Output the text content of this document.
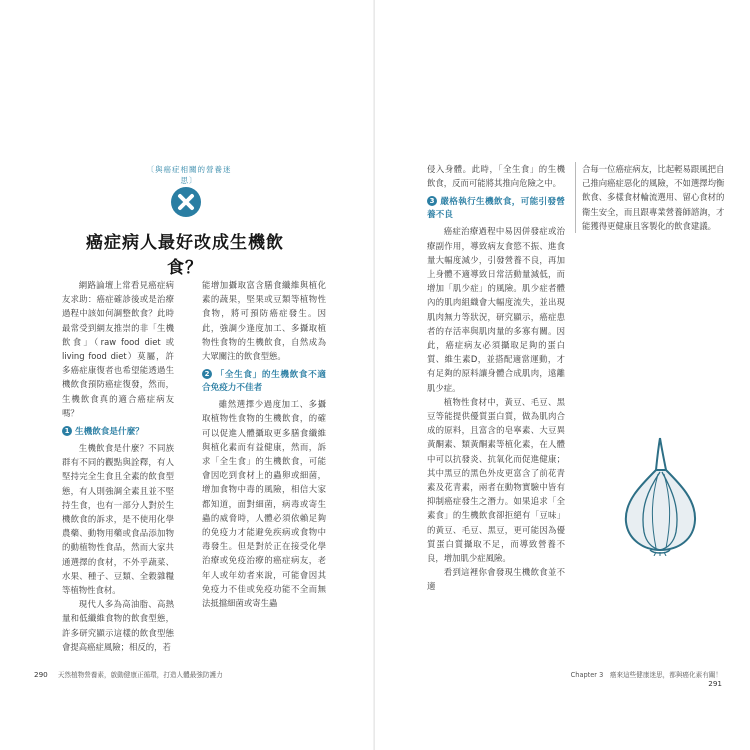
〔與癌症相關的營養迷思〕
癌症病人最好改成生機飲食？

網路論壇上常看見癌症病友求助：癌症確診後或是治療過程中該如何調整飲食？此時最常受到網友推崇的非「生機飲食」（raw food diet 或 living food diet）莫屬，許多癌症康復者也希望能透過生機飲食預防癌症復發，然而，生機飲食真的適合癌症病友嗎？

1 生機飲食是什麼？

生機飲食是什麼？不同族群有不同的觀點與詮釋，有人堅持完全生食且全素的飲食型態，有人則強調全素且並不堅持生食，也有一部分人對於生機飲食的訴求，是不使用化學農藥、動物用藥或食品添加物的動植物性食品，然而大家共通選擇的食材，不外乎蔬菜、水果、種子、豆類、全穀雜糧等植物性食材。

現代人多為高油脂、高熱量和低纖維食物的飲食型態，許多研究顯示這樣的飲食型態會提高癌症風險；相反的，若

能增加攝取富含膳食纖維與植化素的蔬果，堅果或豆類等植物性食物，將可預防癌症發生。因此，強調少逢度加工、多攝取植物性食物的生機飲食，自然成為大眾關注的飲食型態。

2 「全生食」的生機飲食不適合免疫力不佳者

雖然選擇少過度加工、多攝取植物性食物的生機飲食，的確可以促進人體攝取更多膳食纖維與植化素而有益健康，然而，訴求「全生食」的生機飲食，可能會因吃到食材上的蟲卵或細菌，增加食物中毒的風險，相信大家都知道，面對細菌，病毒或寄生蟲的威脅時，人體必須依賴足夠的免疫力才能避免疾病或食物中毒發生。但是對於正在接受化學治療或免疫治療的癌症病友，老年人或年幼者來說，可能會因其免疫力不佳或免疫功能不全而無法抵擋細菌或寄生蟲

290 天然植物營養素，啟動健康正循環，打造人體最強防護力

侵入身體。此時，「全生食」的生機飲食，反而可能將其推向危險之中。

3 嚴格執行生機飲食，可能引發營養不良

癌症治療過程中易因併發症或治療副作用，導致病友食慾不振、進食量大幅度減少，引發營養不良，再加上身體不適導致日常活動量減低，而增加「肌少症」的風險。肌少症者體內的肌肉組織會大幅度流失，並出現肌肉無力等狀況，研究顯示，癌症患者的存活率與肌肉量的多寡有關。因此，癌症病友必須攝取足夠的蛋白質、維生素D，並搭配適當運動，才有足夠的原料讓身體合成肌肉，遠離肌少症。

植物性食材中，黃豆、毛豆、黑豆等能提供優質蛋白質，做為肌肉合成的原料，且富含的皂寧素、大豆異黃酮素、類黃酮素等植化素，在人體中可以抗發炎、抗氧化而促進健康；其中黑豆的黑色外皮更富含了前花青素及花青素，兩者在動物實驗中皆有抑制癌症發生之潛力。如果追求「全素食」的生機飲食卻拒絕有「豆味」的黃豆、毛豆、黑豆，更可能因為優質蛋白質攝取不足，而導致營養不良，增加肌少症風險。

看到這裡你會發現生機飲食並不適

Chapter 3　癌來這些健康迷思，都與癌化素有關！ 291
合每一位癌症病友，比起輕易跟風把自己推向癌症惡化的風險，不如選擇均衡飲食、多樣食材輪流選用、留心食材的衛生安全，而且跟專業營養師諮詢，才能獲得更健康且客製化的飲食建議。
